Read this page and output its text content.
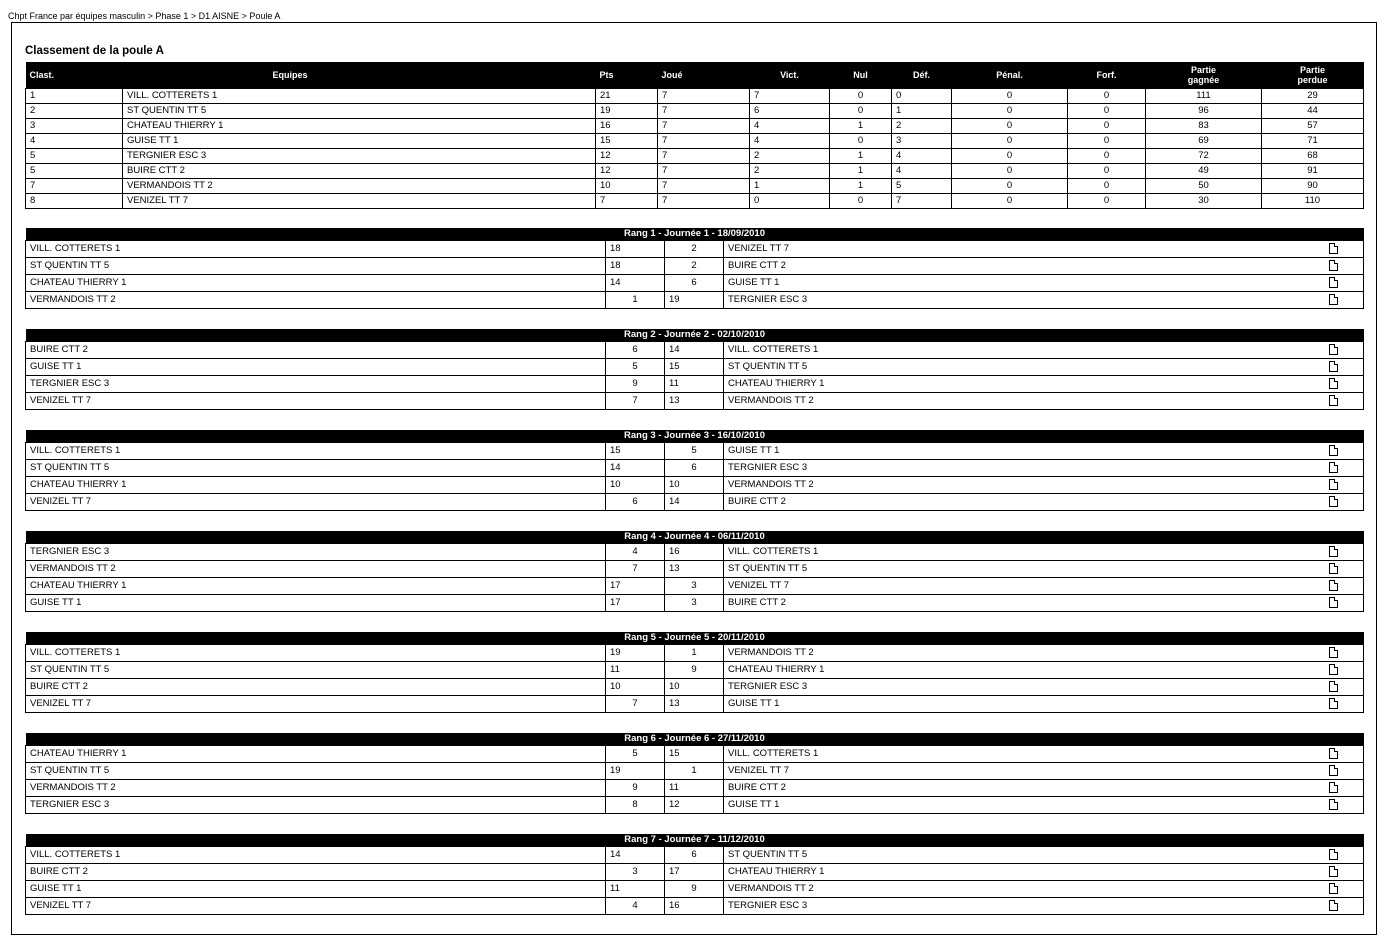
Chpt France par équipes masculin > Phase 1 > D1 AISNE > Poule A
Classement de la poule A
Clast.	Equipes	Pts	Joué	Vict.	Nul	Déf.	Pénal.	Forf.	Partie gagnée	Partie perdue
1	VILL. COTTERETS 1	21	7	7	0	0	0	0	111	29
2	ST QUENTIN TT 5	19	7	6	0	1	0	0	96	44
3	CHATEAU THIERRY 1	16	7	4	1	2	0	0	83	57
4	GUISE TT 1	15	7	4	0	3	0	0	69	71
5	TERGNIER ESC 3	12	7	2	1	4	0	0	72	68
5	BUIRE CTT 2	12	7	2	1	4	0	0	49	91
7	VERMANDOIS TT 2	10	7	1	1	5	0	0	50	90
8	VENIZEL TT 7	7	7	0	0	7	0	0	30	110
Rang 1 - Journée 1 - 18/09/2010				
VILL. COTTERETS 1	18	2	VENIZEL TT 7	
ST QUENTIN TT 5	18	2	BUIRE CTT 2	
CHATEAU THIERRY 1	14	6	GUISE TT 1	
VERMANDOIS TT 2	1	19	TERGNIER ESC 3	
Rang 2 - Journée 2 - 02/10/2010				
BUIRE CTT 2	6	14	VILL. COTTERETS 1	
GUISE TT 1	5	15	ST QUENTIN TT 5	
TERGNIER ESC 3	9	11	CHATEAU THIERRY 1	
VENIZEL TT 7	7	13	VERMANDOIS TT 2	
Rang 3 - Journée 3 - 16/10/2010				
VILL. COTTERETS 1	15	5	GUISE TT 1	
ST QUENTIN TT 5	14	6	TERGNIER ESC 3	
CHATEAU THIERRY 1	10	10	VERMANDOIS TT 2	
VENIZEL TT 7	6	14	BUIRE CTT 2	
Rang 4 - Journée 4 - 06/11/2010				
TERGNIER ESC 3	4	16	VILL. COTTERETS 1	
VERMANDOIS TT 2	7	13	ST QUENTIN TT 5	
CHATEAU THIERRY 1	17	3	VENIZEL TT 7	
GUISE TT 1	17	3	BUIRE CTT 2	
Rang 5 - Journée 5 - 20/11/2010				
VILL. COTTERETS 1	19	1	VERMANDOIS TT 2	
ST QUENTIN TT 5	11	9	CHATEAU THIERRY 1	
BUIRE CTT 2	10	10	TERGNIER ESC 3	
VENIZEL TT 7	7	13	GUISE TT 1	
Rang 6 - Journée 6 - 27/11/2010				
CHATEAU THIERRY 1	5	15	VILL. COTTERETS 1	
ST QUENTIN TT 5	19	1	VENIZEL TT 7	
VERMANDOIS TT 2	9	11	BUIRE CTT 2	
TERGNIER ESC 3	8	12	GUISE TT 1	
Rang 7 - Journée 7 - 11/12/2010				
VILL. COTTERETS 1	14	6	ST QUENTIN TT 5	
BUIRE CTT 2	3	17	CHATEAU THIERRY 1	
GUISE TT 1	11	9	VERMANDOIS TT 2	
VENIZEL TT 7	4	16	TERGNIER ESC 3	
